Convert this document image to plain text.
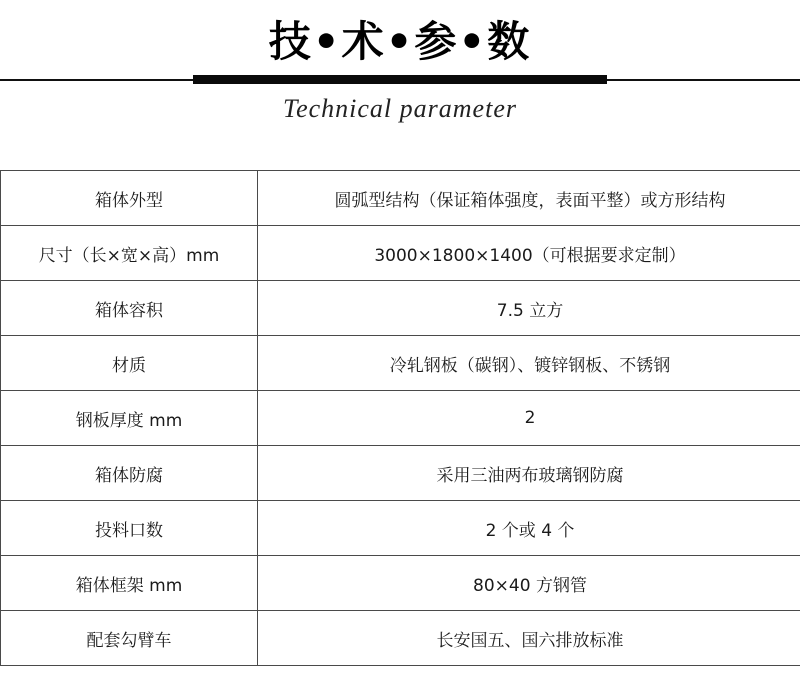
技•术•参•数
Technical parameter
箱体外型	圆弧型结构（保证箱体强度，表面平整）或方形结构
尺寸（长×宽×高）mm	3000×1800×1400（可根据要求定制）
箱体容积	7.5 立方
材质	冷轧钢板（碳钢）、镀锌钢板、不锈钢
钢板厚度 mm	2
箱体防腐	采用三油两布玻璃钢防腐
投料口数	2 个或 4 个
箱体框架 mm	80×40 方钢管
配套勾臂车	长安国五、国六排放标准
